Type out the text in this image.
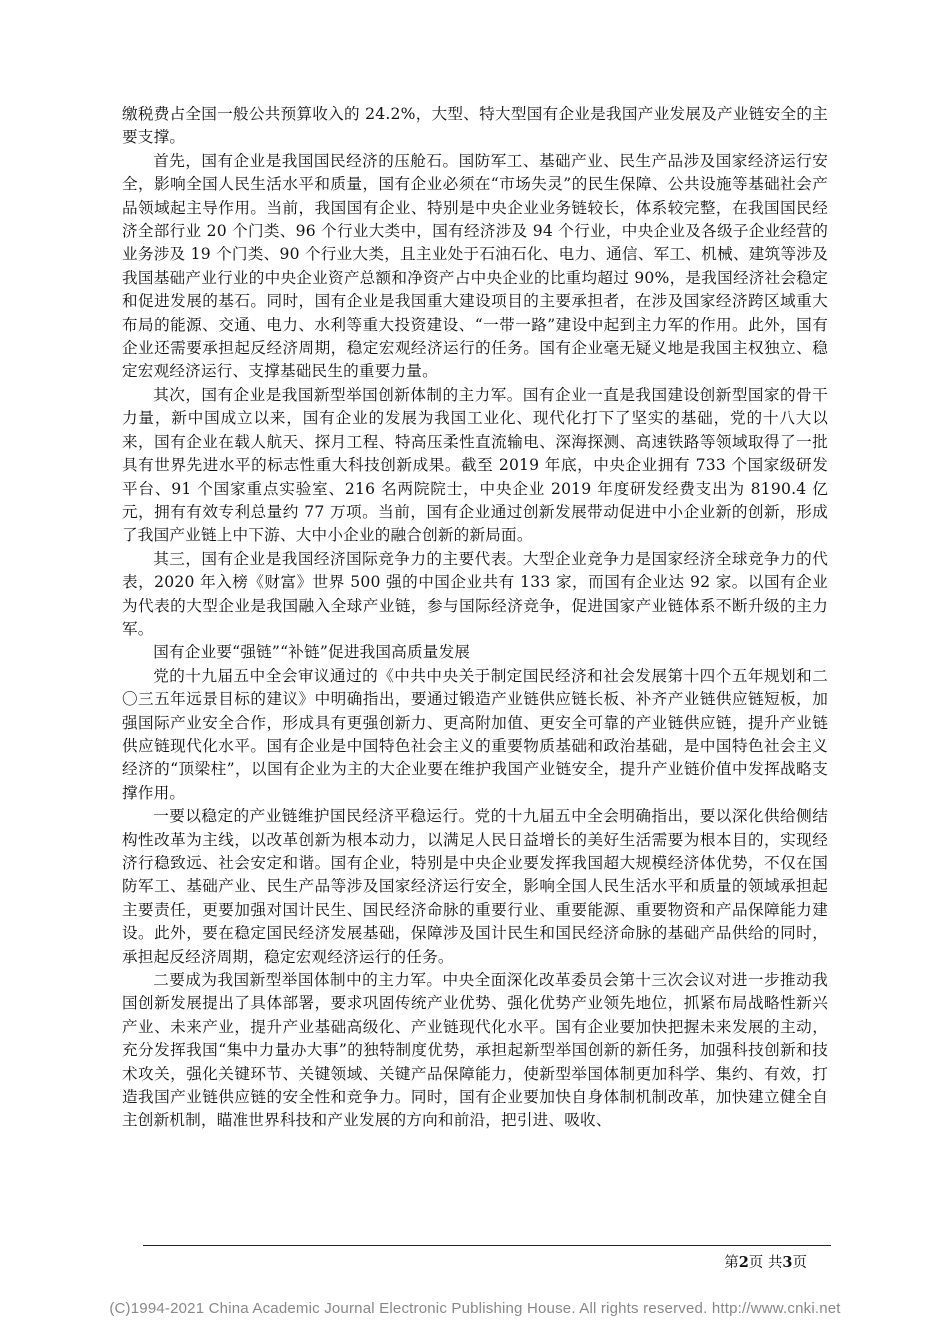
缴税费占全国一般公共预算收入的 24.2%，大型、特大型国有企业是我国产业发展及产业链安全的主要支撑。

首先，国有企业是我国国民经济的压舱石。国防军工、基础产业、民生产品涉及国家经济运行安全，影响全国人民生活水平和质量，国有企业必须在“市场失灵”的民生保障、公共设施等基础社会产品领域起主导作用。当前，我国国有企业、特别是中央企业业务链较长，体系较完整，在我国国民经济全部行业 20 个门类、96 个行业大类中，国有经济涉及 94 个行业，中央企业及各级子企业经营的业务涉及 19 个门类、90 个行业大类，且主业处于石油石化、电力、通信、军工、机械、建筑等涉及我国基础产业行业的中央企业资产总额和净资产占中央企业的比重均超过 90%，是我国经济社会稳定和促进发展的基石。同时，国有企业是我国重大建设项目的主要承担者，在涉及国家经济跨区域重大布局的能源、交通、电力、水利等重大投资建设、“一带一路”建设中起到主力军的作用。此外，国有企业还需要承担起反经济周期，稳定宏观经济运行的任务。国有企业毫无疑义地是我国主权独立、稳定宏观经济运行、支撑基础民生的重要力量。

其次，国有企业是我国新型举国创新体制的主力军。国有企业一直是我国建设创新型国家的骨干力量，新中国成立以来，国有企业的发展为我国工业化、现代化打下了坚实的基础，党的十八大以来，国有企业在载人航天、探月工程、特高压柔性直流输电、深海探测、高速铁路等领域取得了一批具有世界先进水平的标志性重大科技创新成果。截至 2019 年底，中央企业拥有 733 个国家级研发平台、91 个国家重点实验室、216 名两院院士，中央企业 2019 年度研发经费支出为 8190.4 亿元，拥有有效专利总量约 77 万项。当前，国有企业通过创新发展带动促进中小企业新的创新，形成了我国产业链上中下游、大中小企业的融合创新的新局面。

其三，国有企业是我国经济国际竞争力的主要代表。大型企业竞争力是国家经济全球竞争力的代表，2020 年入榜《财富》世界 500 强的中国企业共有 133 家，而国有企业达 92 家。以国有企业为代表的大型企业是我国融入全球产业链，参与国际经济竞争，促进国家产业链体系不断升级的主力军。

国有企业要“强链”“补链”促进我国高质量发展

党的十九届五中全会审议通过的《中共中央关于制定国民经济和社会发展第十四个五年规划和二〇三五年远景目标的建议》中明确指出，要通过锻造产业链供应链长板、补齐产业链供应链短板，加强国际产业安全合作，形成具有更强创新力、更高附加值、更安全可靠的产业链供应链，提升产业链供应链现代化水平。国有企业是中国特色社会主义的重要物质基础和政治基础，是中国特色社会主义经济的“顶梁柱”，以国有企业为主的大企业要在维护我国产业链安全，提升产业链价值中发挥战略支撑作用。

一要以稳定的产业链维护国民经济平稳运行。党的十九届五中全会明确指出，要以深化供给侧结构性改革为主线，以改革创新为根本动力，以满足人民日益增长的美好生活需要为根本目的，实现经济行稳致远、社会安定和谐。国有企业，特别是中央企业要发挥我国超大规模经济体优势，不仅在国防军工、基础产业、民生产品等涉及国家经济运行安全，影响全国人民生活水平和质量的领域承担起主要责任，更要加强对国计民生、国民经济命脉的重要行业、重要能源、重要物资和产品保障能力建设。此外，要在稳定国民经济发展基础，保障涉及国计民生和国民经济命脉的基础产品供给的同时，承担起反经济周期，稳定宏观经济运行的任务。

二要成为我国新型举国体制中的主力军。中央全面深化改革委员会第十三次会议对进一步推动我国创新发展提出了具体部署，要求巩固传统产业优势、强化优势产业领先地位，抓紧布局战略性新兴产业、未来产业，提升产业基础高级化、产业链现代化水平。国有企业要加快把握未来发展的主动，充分发挥我国“集中力量办大事”的独特制度优势，承担起新型举国创新的新任务，加强科技创新和技术攻关，强化关键环节、关键领域、关键产品保障能力，使新型举国体制更加科学、集约、有效，打造我国产业链供应链的安全性和竞争力。同时，国有企业要加快自身体制机制改革，加快建立健全自主创新机制，瞄准世界科技和产业发展的方向和前沿，把引进、吸收、

第2页 共3页
(C)1994-2021 China Academic Journal Electronic Publishing House. All rights reserved. http://www.cnki.net
